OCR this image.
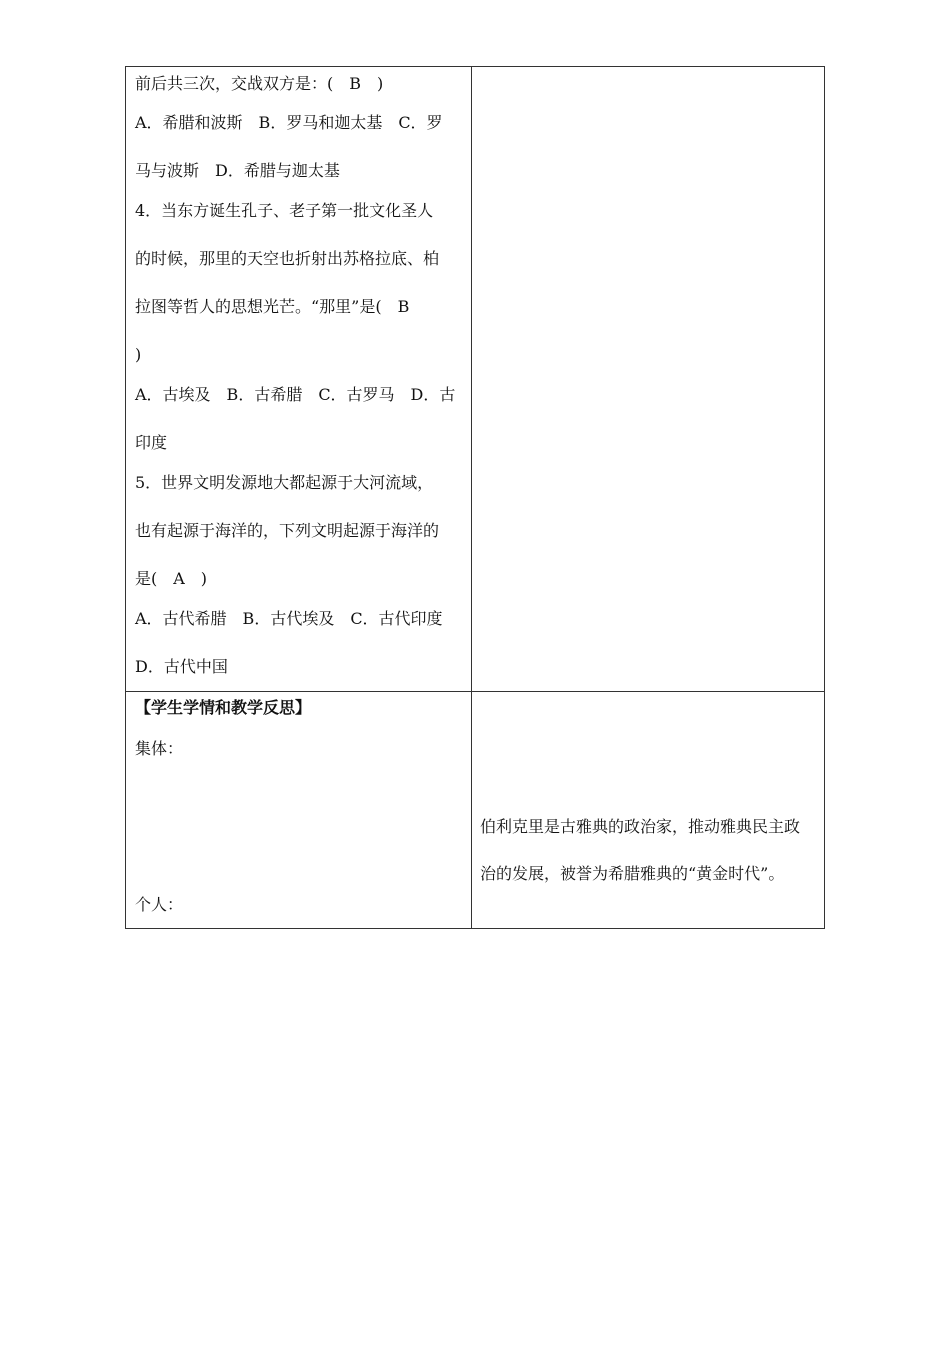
前后共三次，交战双方是：(　B　)
A．希腊和波斯　B．罗马和迦太基　C．罗
马与波斯　D．希腊与迦太基
4．当东方诞生孔子、老子第一批文化圣人
的时候，那里的天空也折射出苏格拉底、柏
拉图等哲人的思想光芒。“那里”是(　B
)
A．古埃及　B．古希腊　C．古罗马　D．古
印度
5．世界文明发源地大都起源于大河流域，
也有起源于海洋的，下列文明起源于海洋的
是(　A　)
A．古代希腊　B．古代埃及　C．古代印度
D．古代中国
【学生学情和教学反思】
集体：
个人：
伯利克里是古雅典的政治家，推动雅典民主政
治的发展，被誉为希腊雅典的“黄金时代”。
